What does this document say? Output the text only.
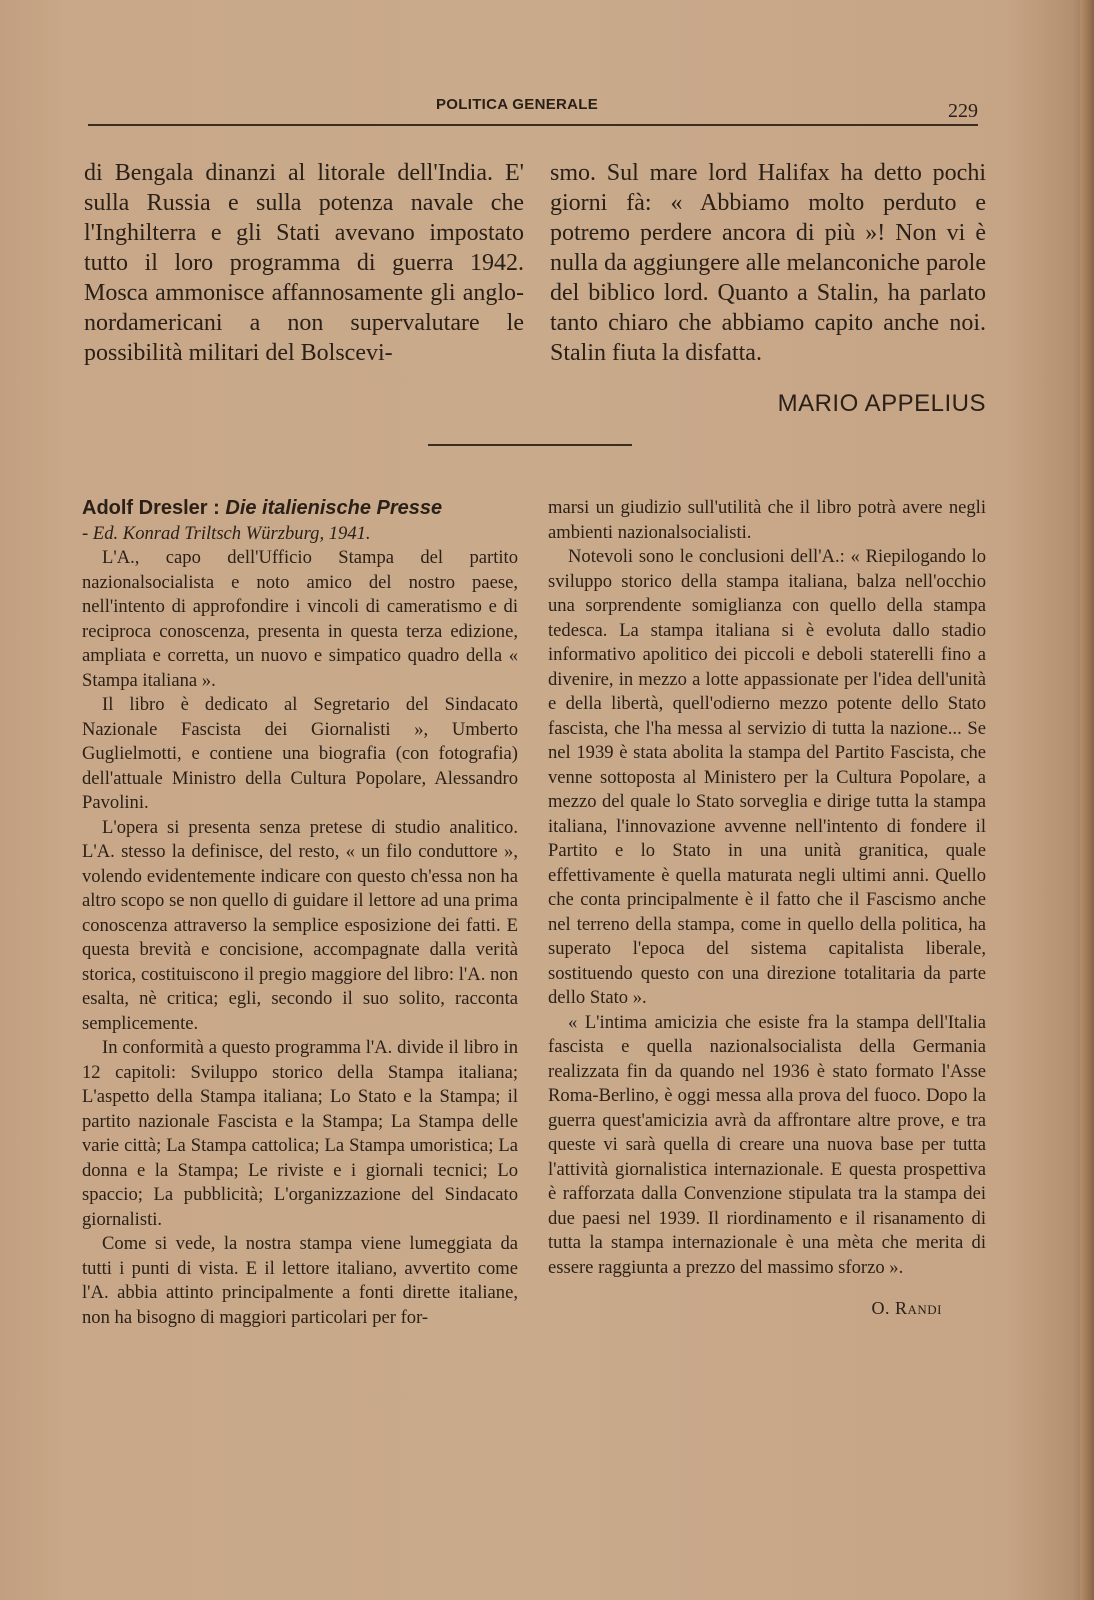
POLITICA GENERALE	229
di Bengala dinanzi al litorale dell'India. E' sulla Russia e sulla potenza navale che l'Inghilterra e gli Stati avevano impostato tutto il loro programma di guerra 1942. Mosca ammonisce affannosamente gli anglo-nordamericani a non supervalutare le possibilità militari del Bolscevi-
smo. Sul mare lord Halifax ha detto pochi giorni fà: « Abbiamo molto perduto e potremo perdere ancora di più »! Non vi è nulla da aggiungere alle melanconiche parole del biblico lord. Quanto a Stalin, ha parlato tanto chiaro che abbiamo capito anche noi. Stalin fiuta la disfatta.
MARIO APPELIUS

Adolf Dresler : Die italienische Presse
- Ed. Konrad Triltsch Würzburg, 1941.

L'A., capo dell'Ufficio Stampa del partito nazionalsocialista e noto amico del nostro paese, nell'intento di approfondire i vincoli di cameratismo e di reciproca conoscenza, presenta in questa terza edizione, ampliata e corretta, un nuovo e simpatico quadro della « Stampa italiana ».

Il libro è dedicato al Segretario del Sindacato Nazionale Fascista dei Giornalisti », Umberto Guglielmotti, e contiene una biografia (con fotografia) dell'attuale Ministro della Cultura Popolare, Alessandro Pavolini.

L'opera si presenta senza pretese di studio analitico. L'A. stesso la definisce, del resto, « un filo conduttore », volendo evidentemente indicare con questo ch'essa non ha altro scopo se non quello di guidare il lettore ad una prima conoscenza attraverso la semplice esposizione dei fatti. E questa brevità e concisione, accompagnate dalla verità storica, costituiscono il pregio maggiore del libro: l'A. non esalta, nè critica; egli, secondo il suo solito, racconta semplicemente.

In conformità a questo programma l'A. divide il libro in 12 capitoli: Sviluppo storico della Stampa italiana; L'aspetto della Stampa italiana; Lo Stato e la Stampa; il partito nazionale Fascista e la Stampa; La Stampa delle varie città; La Stampa cattolica; La Stampa umoristica; La donna e la Stampa; Le riviste e i giornali tecnici; Lo spaccio; La pubblicità; L'organizzazione del Sindacato giornalisti.

Come si vede, la nostra stampa viene lumeggiata da tutti i punti di vista. E il lettore italiano, avvertito come l'A. abbia attinto principalmente a fonti dirette italiane, non ha bisogno di maggiori particolari per for-

marsi un giudizio sull'utilità che il libro potrà avere negli ambienti nazionalsocialisti.

Notevoli sono le conclusioni dell'A.: « Riepilogando lo sviluppo storico della stampa italiana, balza nell'occhio una sorprendente somiglianza con quello della stampa tedesca. La stampa italiana si è evoluta dallo stadio informativo apolitico dei piccoli e deboli staterelli fino a divenire, in mezzo a lotte appassionate per l'idea dell'unità e della libertà, quell'odierno mezzo potente dello Stato fascista, che l'ha messa al servizio di tutta la nazione... Se nel 1939 è stata abolita la stampa del Partito Fascista, che venne sottoposta al Ministero per la Cultura Popolare, a mezzo del quale lo Stato sorveglia e dirige tutta la stampa italiana, l'innovazione avvenne nell'intento di fondere il Partito e lo Stato in una unità granitica, quale effettivamente è quella maturata negli ultimi anni. Quello che conta principalmente è il fatto che il Fascismo anche nel terreno della stampa, come in quello della politica, ha superato l'epoca del sistema capitalista liberale, sostituendo questo con una direzione totalitaria da parte dello Stato ».

« L'intima amicizia che esiste fra la stampa dell'Italia fascista e quella nazionalsocialista della Germania realizzata fin da quando nel 1936 è stato formato l'Asse Roma-Berlino, è oggi messa alla prova del fuoco. Dopo la guerra quest'amicizia avrà da affrontare altre prove, e tra queste vi sarà quella di creare una nuova base per tutta l'attività giornalistica internazionale. E questa prospettiva è rafforzata dalla Convenzione stipulata tra la stampa dei due paesi nel 1939. Il riordinamento e il risanamento di tutta la stampa internazionale è una mèta che merita di essere raggiunta a prezzo del massimo sforzo ».

O. Randi
